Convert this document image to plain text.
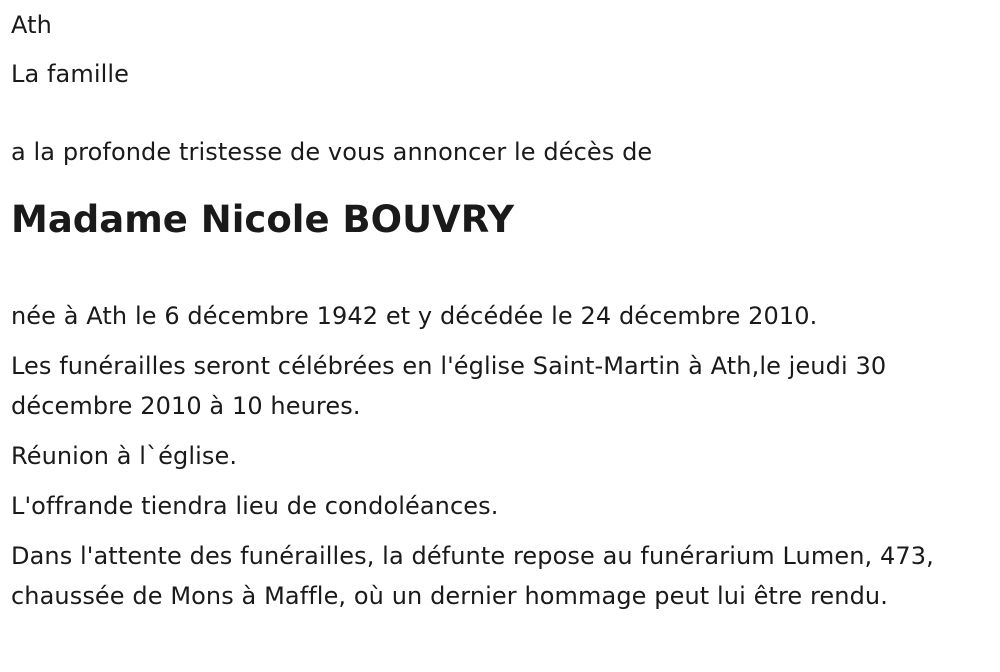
Ath

La famille

a la profonde tristesse de vous annoncer le décès de

Madame Nicole BOUVRY

née à Ath le 6 décembre 1942 et y décédée le 24 décembre 2010.

Les funérailles seront célébrées en l'église Saint-Martin à Ath,le jeudi 30 décembre 2010 à 10 heures.

Réunion à l`église.

L'offrande tiendra lieu de condoléances.

Dans l'attente des funérailles, la défunte repose au funérarium Lumen, 473, chaussée de Mons à Maffle, où un dernier hommage peut lui être rendu.
